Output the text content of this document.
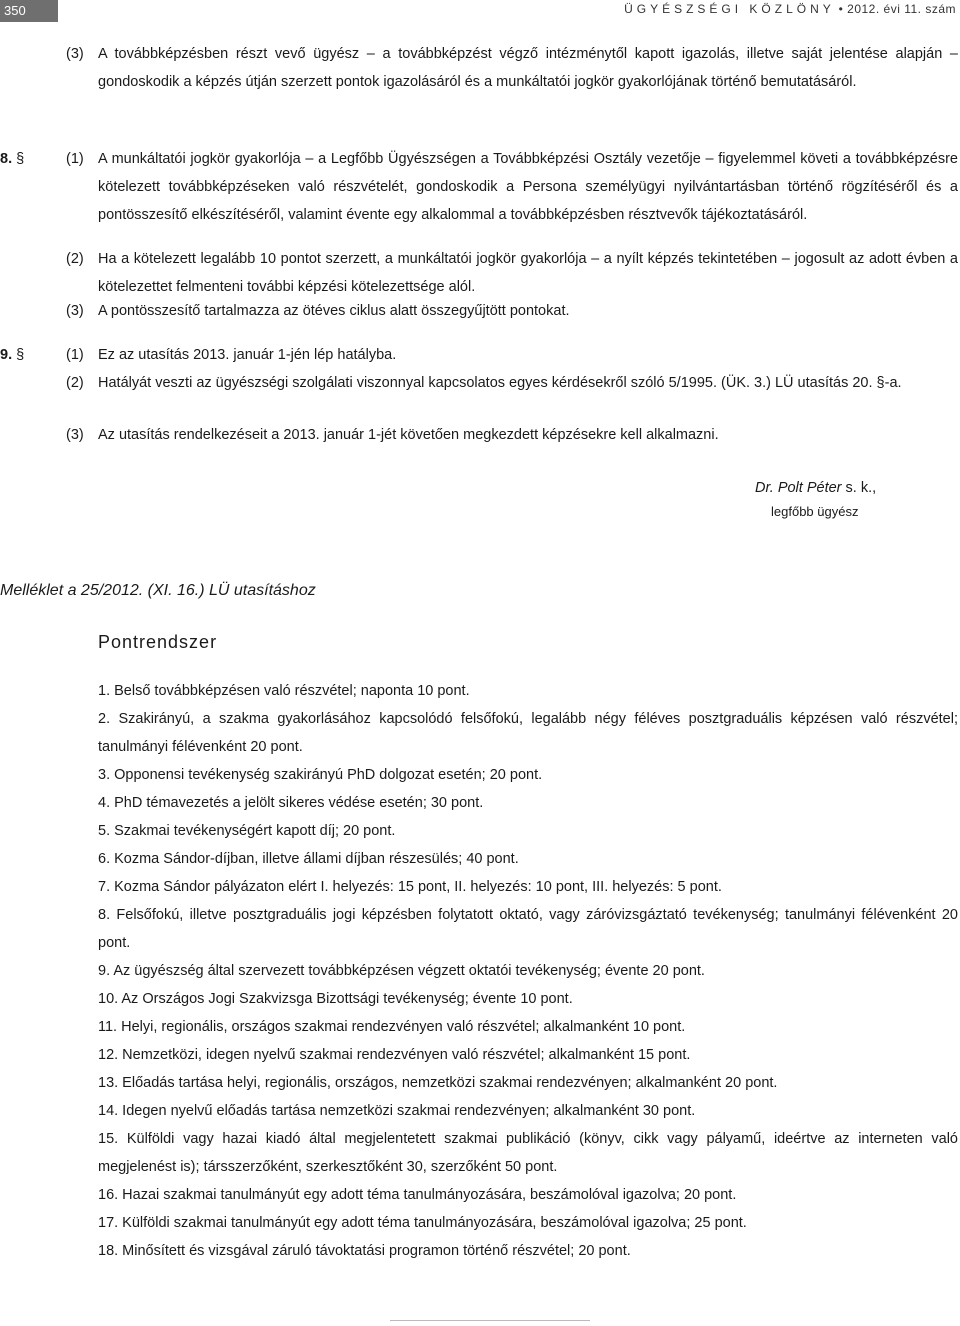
350	ÜGYÉSZSÉGI KÖZLÖNY • 2012. évi 11. szám
(3) A továbbképzésben részt vevő ügyész – a továbbképzést végző intézménytől kapott igazolás, illetve saját jelentése alapján – gondoskodik a képzés útján szerzett pontok igazolásáról és a munkáltatói jogkör gyakorlójának történő bemutatásáról.
8. §	(1) A munkáltatói jogkör gyakorlója – a Legfőbb Ügyészségen a Továbbképzési Osztály vezetője – figyelemmel követi a továbbképzésre kötelezett továbbképzéseken való részvételét, gondoskodik a Persona személyügyi nyilvántartásban történő rögzítéséről és a pontösszesítő elkészítéséről, valamint évente egy alkalommal a továbbképzésben résztvevők tájékoztatásáról.
(2) Ha a kötelezett legalább 10 pontot szerzett, a munkáltatói jogkör gyakorlója – a nyílt képzés tekintetében – jogosult az adott évben a kötelezettet felmenteni további képzési kötelezettsége alól.
(3) A pontösszesítő tartalmazza az ötéves ciklus alatt összegyűjtött pontokat.
9. §	(1) Ez az utasítás 2013. január 1-jén lép hatályba.
(2) Hatályát veszti az ügyészségi szolgálati viszonnyal kapcsolatos egyes kérdésekről szóló 5/1995. (ÜK. 3.) LÜ utasítás 20. §-a.
(3) Az utasítás rendelkezéseit a 2013. január 1-jét követően megkezdett képzésekre kell alkalmazni.
Dr. Polt Péter s. k.,
legfőbb ügyész
Melléklet a 25/2012. (XI. 16.) LÜ utasításhoz
Pontrendszer
1. Belső továbbképzésen való részvétel; naponta 10 pont.
2. Szakirányú, a szakma gyakorlásához kapcsolódó felsőfokú, legalább négy féléves posztgraduális képzésen való részvétel; tanulmányi félévenként 20 pont.
3. Opponensi tevékenység szakirányú PhD dolgozat esetén; 20 pont.
4. PhD témavezetés a jelölt sikeres védése esetén; 30 pont.
5. Szakmai tevékenységért kapott díj; 20 pont.
6. Kozma Sándor-díjban, illetve állami díjban részesülés; 40 pont.
7. Kozma Sándor pályázaton elért I. helyezés: 15 pont, II. helyezés: 10 pont, III. helyezés: 5 pont.
8. Felsőfokú, illetve posztgraduális jogi képzésben folytatott oktató, vagy záróvizsgáztató tevékenység; tanulmányi félévenként 20 pont.
9. Az ügyészség által szervezett továbbképzésen végzett oktatói tevékenység; évente 20 pont.
10. Az Országos Jogi Szakvizsga Bizottsági tevékenység; évente 10 pont.
11. Helyi, regionális, országos szakmai rendezvényen való részvétel; alkalmanként 10 pont.
12. Nemzetközi, idegen nyelvű szakmai rendezvényen való részvétel; alkalmanként 15 pont.
13. Előadás tartása helyi, regionális, országos, nemzetközi szakmai rendezvényen; alkalmanként 20 pont.
14. Idegen nyelvű előadás tartása nemzetközi szakmai rendezvényen; alkalmanként 30 pont.
15. Külföldi vagy hazai kiadó által megjelentetett szakmai publikáció (könyv, cikk vagy pályamű, ideértve az interneten való megjelenést is); társszerzőként, szerkesztőként 30, szerzőként 50 pont.
16. Hazai szakmai tanulmányút egy adott téma tanulmányozására, beszámolóval igazolva; 20 pont.
17. Külföldi szakmai tanulmányút egy adott téma tanulmányozására, beszámolóval igazolva; 25 pont.
18. Minősített és vizsgával záruló távoktatási programon történő részvétel; 20 pont.
